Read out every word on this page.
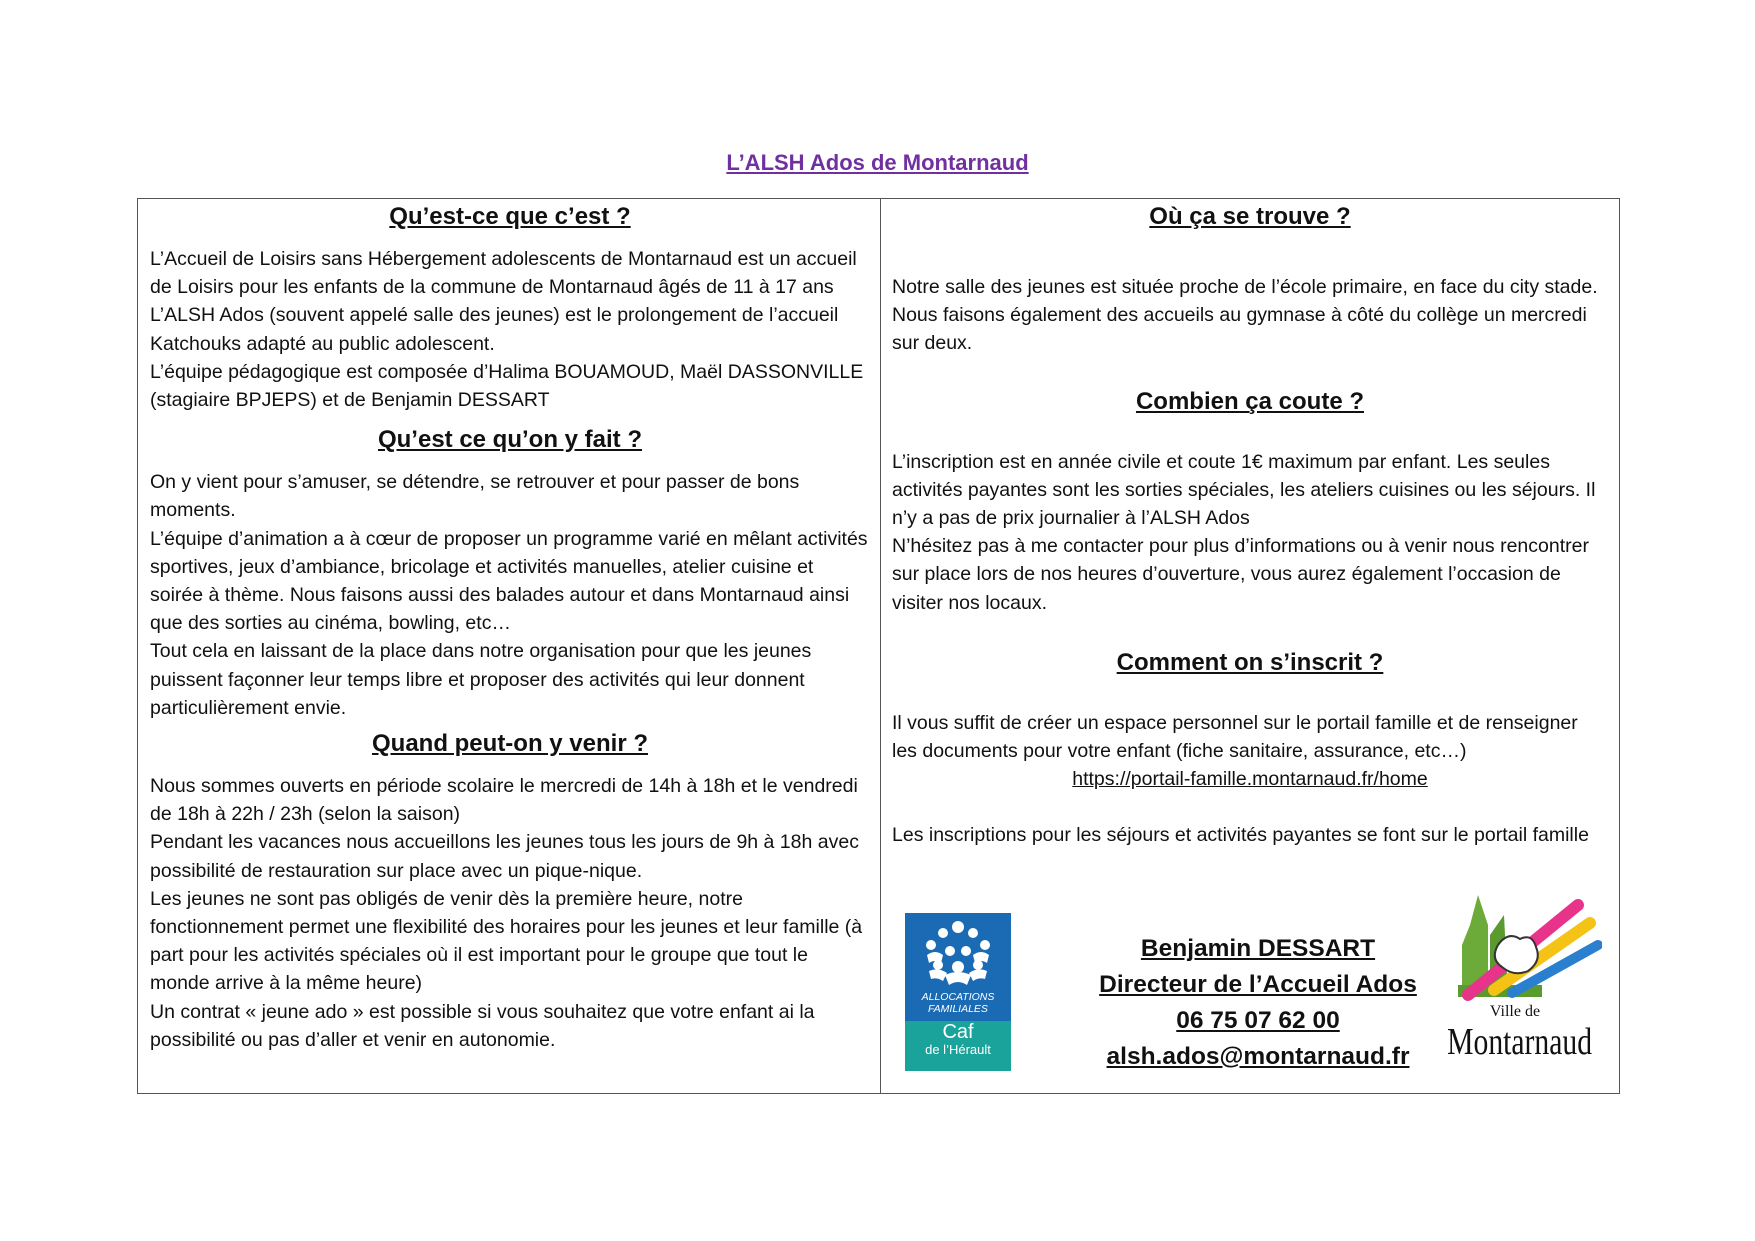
L’ALSH Ados de Montarnaud
Qu’est-ce que c’est ?

L’Accueil de Loisirs sans Hébergement adolescents de Montarnaud est un accueil de Loisirs pour les enfants de la commune de Montarnaud âgés de 11 à 17 ans

L’ALSH Ados (souvent appelé salle des jeunes) est le prolongement de l’accueil Katchouks adapté au public adolescent.

L’équipe pédagogique est composée d’Halima BOUAMOUD, Maël DASSONVILLE (stagiaire BPJEPS) et de Benjamin DESSART

Qu’est ce qu’on y fait ?

On y vient pour s’amuser, se détendre, se retrouver et pour passer de bons moments.

L’équipe d’animation a à cœur de proposer un programme varié en mêlant activités sportives, jeux d’ambiance, bricolage et activités manuelles, atelier cuisine et soirée à thème. Nous faisons aussi des balades autour et dans Montarnaud ainsi que des sorties au cinéma, bowling, etc…

Tout cela en laissant de la place dans notre organisation pour que les jeunes puissent façonner leur temps libre et proposer des activités qui leur donnent particulièrement envie.

Quand peut-on y venir ?

Nous sommes ouverts en période scolaire le mercredi de 14h à 18h et le vendredi de 18h à 22h / 23h (selon la saison)

Pendant les vacances nous accueillons les jeunes tous les jours de 9h à 18h avec possibilité de restauration sur place avec un pique-nique.

Les jeunes ne sont pas obligés de venir dès la première heure, notre fonctionnement permet une flexibilité des horaires pour les jeunes et leur famille (à part pour les activités spéciales où il est important pour le groupe que tout le monde arrive à la même heure)

Un contrat « jeune ado » est possible si vous souhaitez que votre enfant ai la possibilité ou pas d’aller et venir en autonomie.

Où ça se trouve ?

Notre salle des jeunes est située proche de l’école primaire, en face du city stade. Nous faisons également des accueils au gymnase à côté du collège un mercredi sur deux.

Combien ça coute ?

L’inscription est en année civile et coute 1€ maximum par enfant. Les seules activités payantes sont les sorties spéciales, les ateliers cuisines ou les séjours. Il n’y a pas de prix journalier à l’ALSH Ados

N’hésitez pas à me contacter pour plus d’informations ou à venir nous rencontrer sur place lors de nos heures d’ouverture, vous aurez également l’occasion de visiter nos locaux.

Comment on s’inscrit ?

Il vous suffit de créer un espace personnel sur le portail famille et de renseigner les documents pour votre enfant (fiche sanitaire, assurance, etc…)

https://portail-famille.montarnaud.fr/home

Les inscriptions pour les séjours et activités payantes se font sur le portail famille

Benjamin DESSART
Directeur de l’Accueil Ados
06 75 07 62 00
alsh.ados@montarnaud.fr
ALLOCATIONS
FAMILIALES
Caf
de l’Hérault
Ville de
Montarnaud
